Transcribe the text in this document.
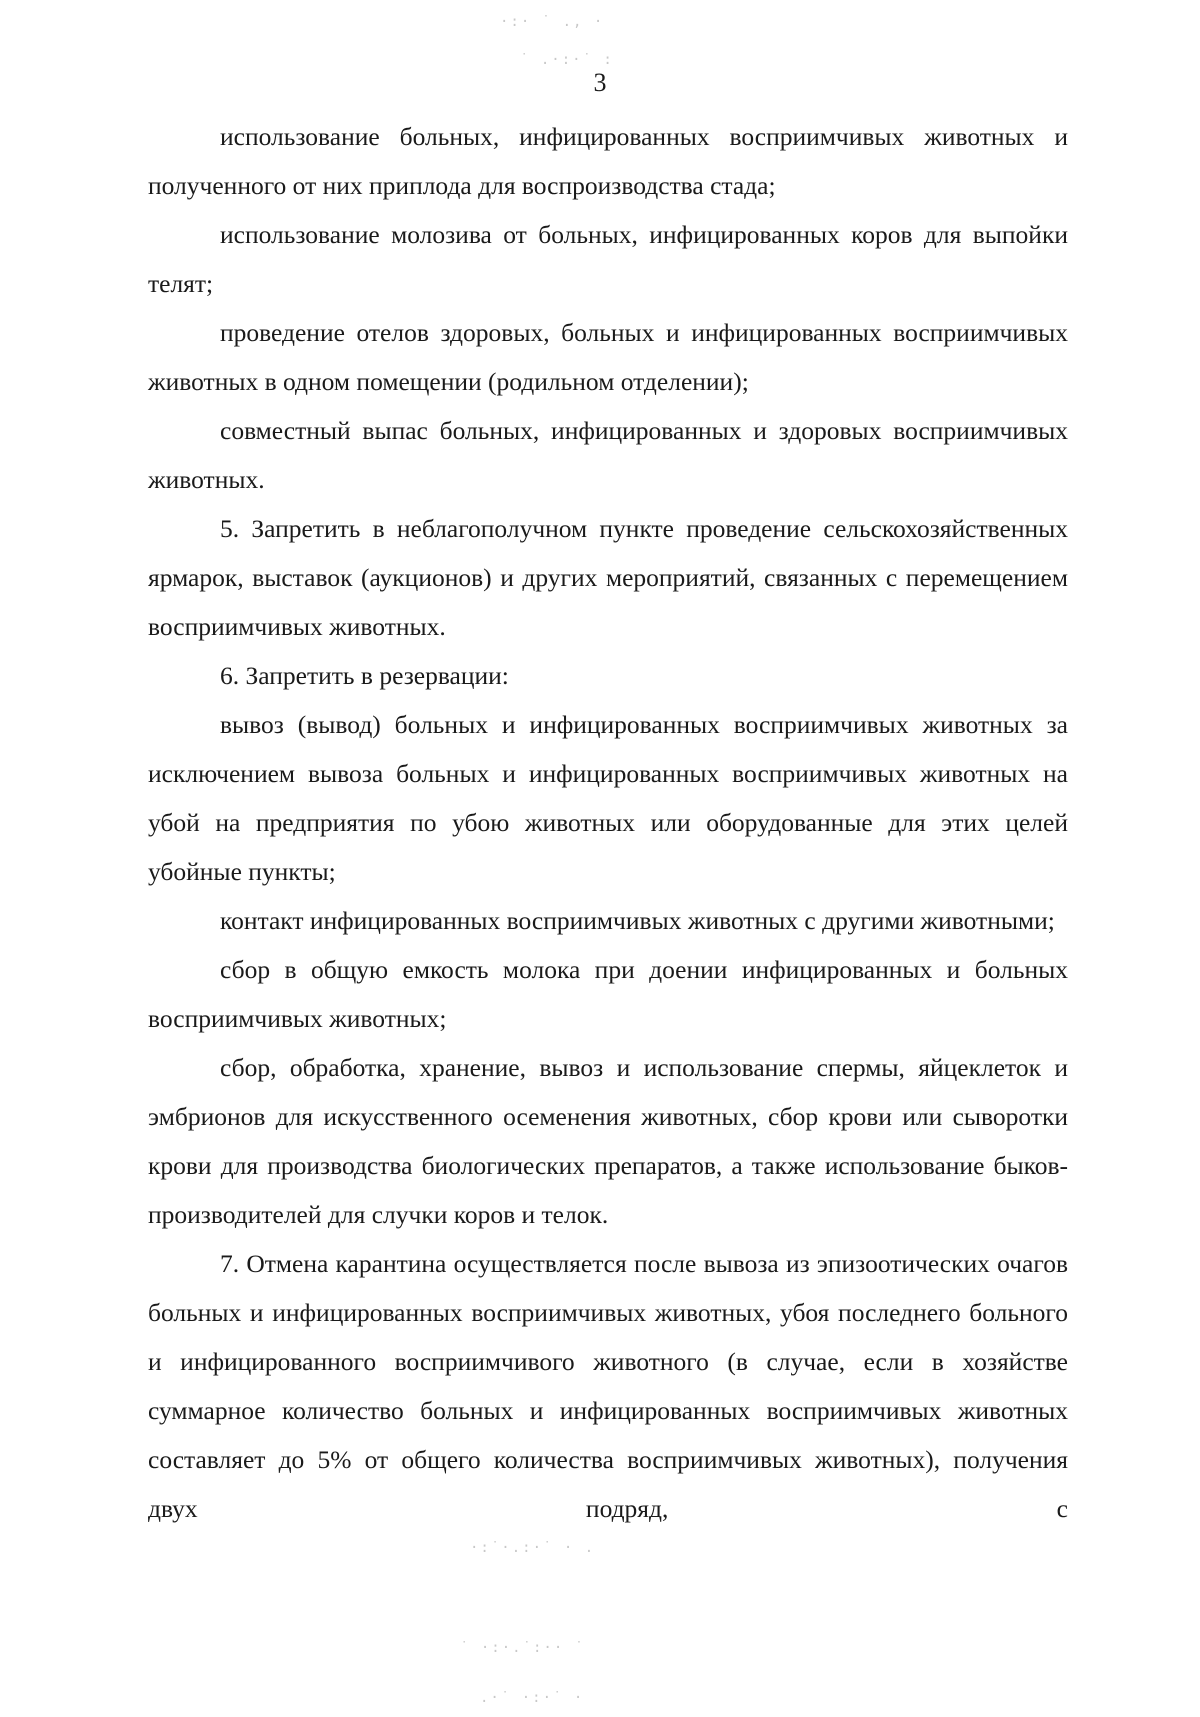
·:· ˙ ., ·
˙ .·:·˙ :
·:˙·.:·˙ · .
˙ ·:·.˙:·· ˙
.·˙ ·:·˙ ·
3

использование больных, инфицированных восприимчивых животных и полученного от них приплода для воспроизводства стада;

использование молозива от больных, инфицированных коров для выпойки телят;

проведение отелов здоровых, больных и инфицированных восприимчивых животных в одном помещении (родильном отделении);

совместный выпас больных, инфицированных и здоровых восприимчивых животных.

5. Запретить в неблагополучном пункте проведение сельскохозяйственных ярмарок, выставок (аукционов) и других мероприятий, связанных с перемещением восприимчивых животных.

6. Запретить в резервации:

вывоз (вывод) больных и инфицированных восприимчивых животных за исключением вывоза больных и инфицированных восприимчивых животных на убой на предприятия по убою животных или оборудованные для этих целей убойные пункты;

контакт инфицированных восприимчивых животных с другими животными;

сбор в общую емкость молока при доении инфицированных и больных восприимчивых животных;

сбор, обработка, хранение, вывоз и использование спермы, яйцеклеток и эмбрионов для искусственного осеменения животных, сбор крови или сыворотки крови для производства биологических препаратов, а также использование быков-производителей для случки коров и телок.

7. Отмена карантина осуществляется после вывоза из эпизоотических очагов больных и инфицированных восприимчивых животных, убоя последнего больного и инфицированного восприимчивого животного (в случае, если в хозяйстве суммарное количество больных и инфицированных восприимчивых животных составляет до 5% от общего количества восприимчивых животных), получения двух подряд, с
